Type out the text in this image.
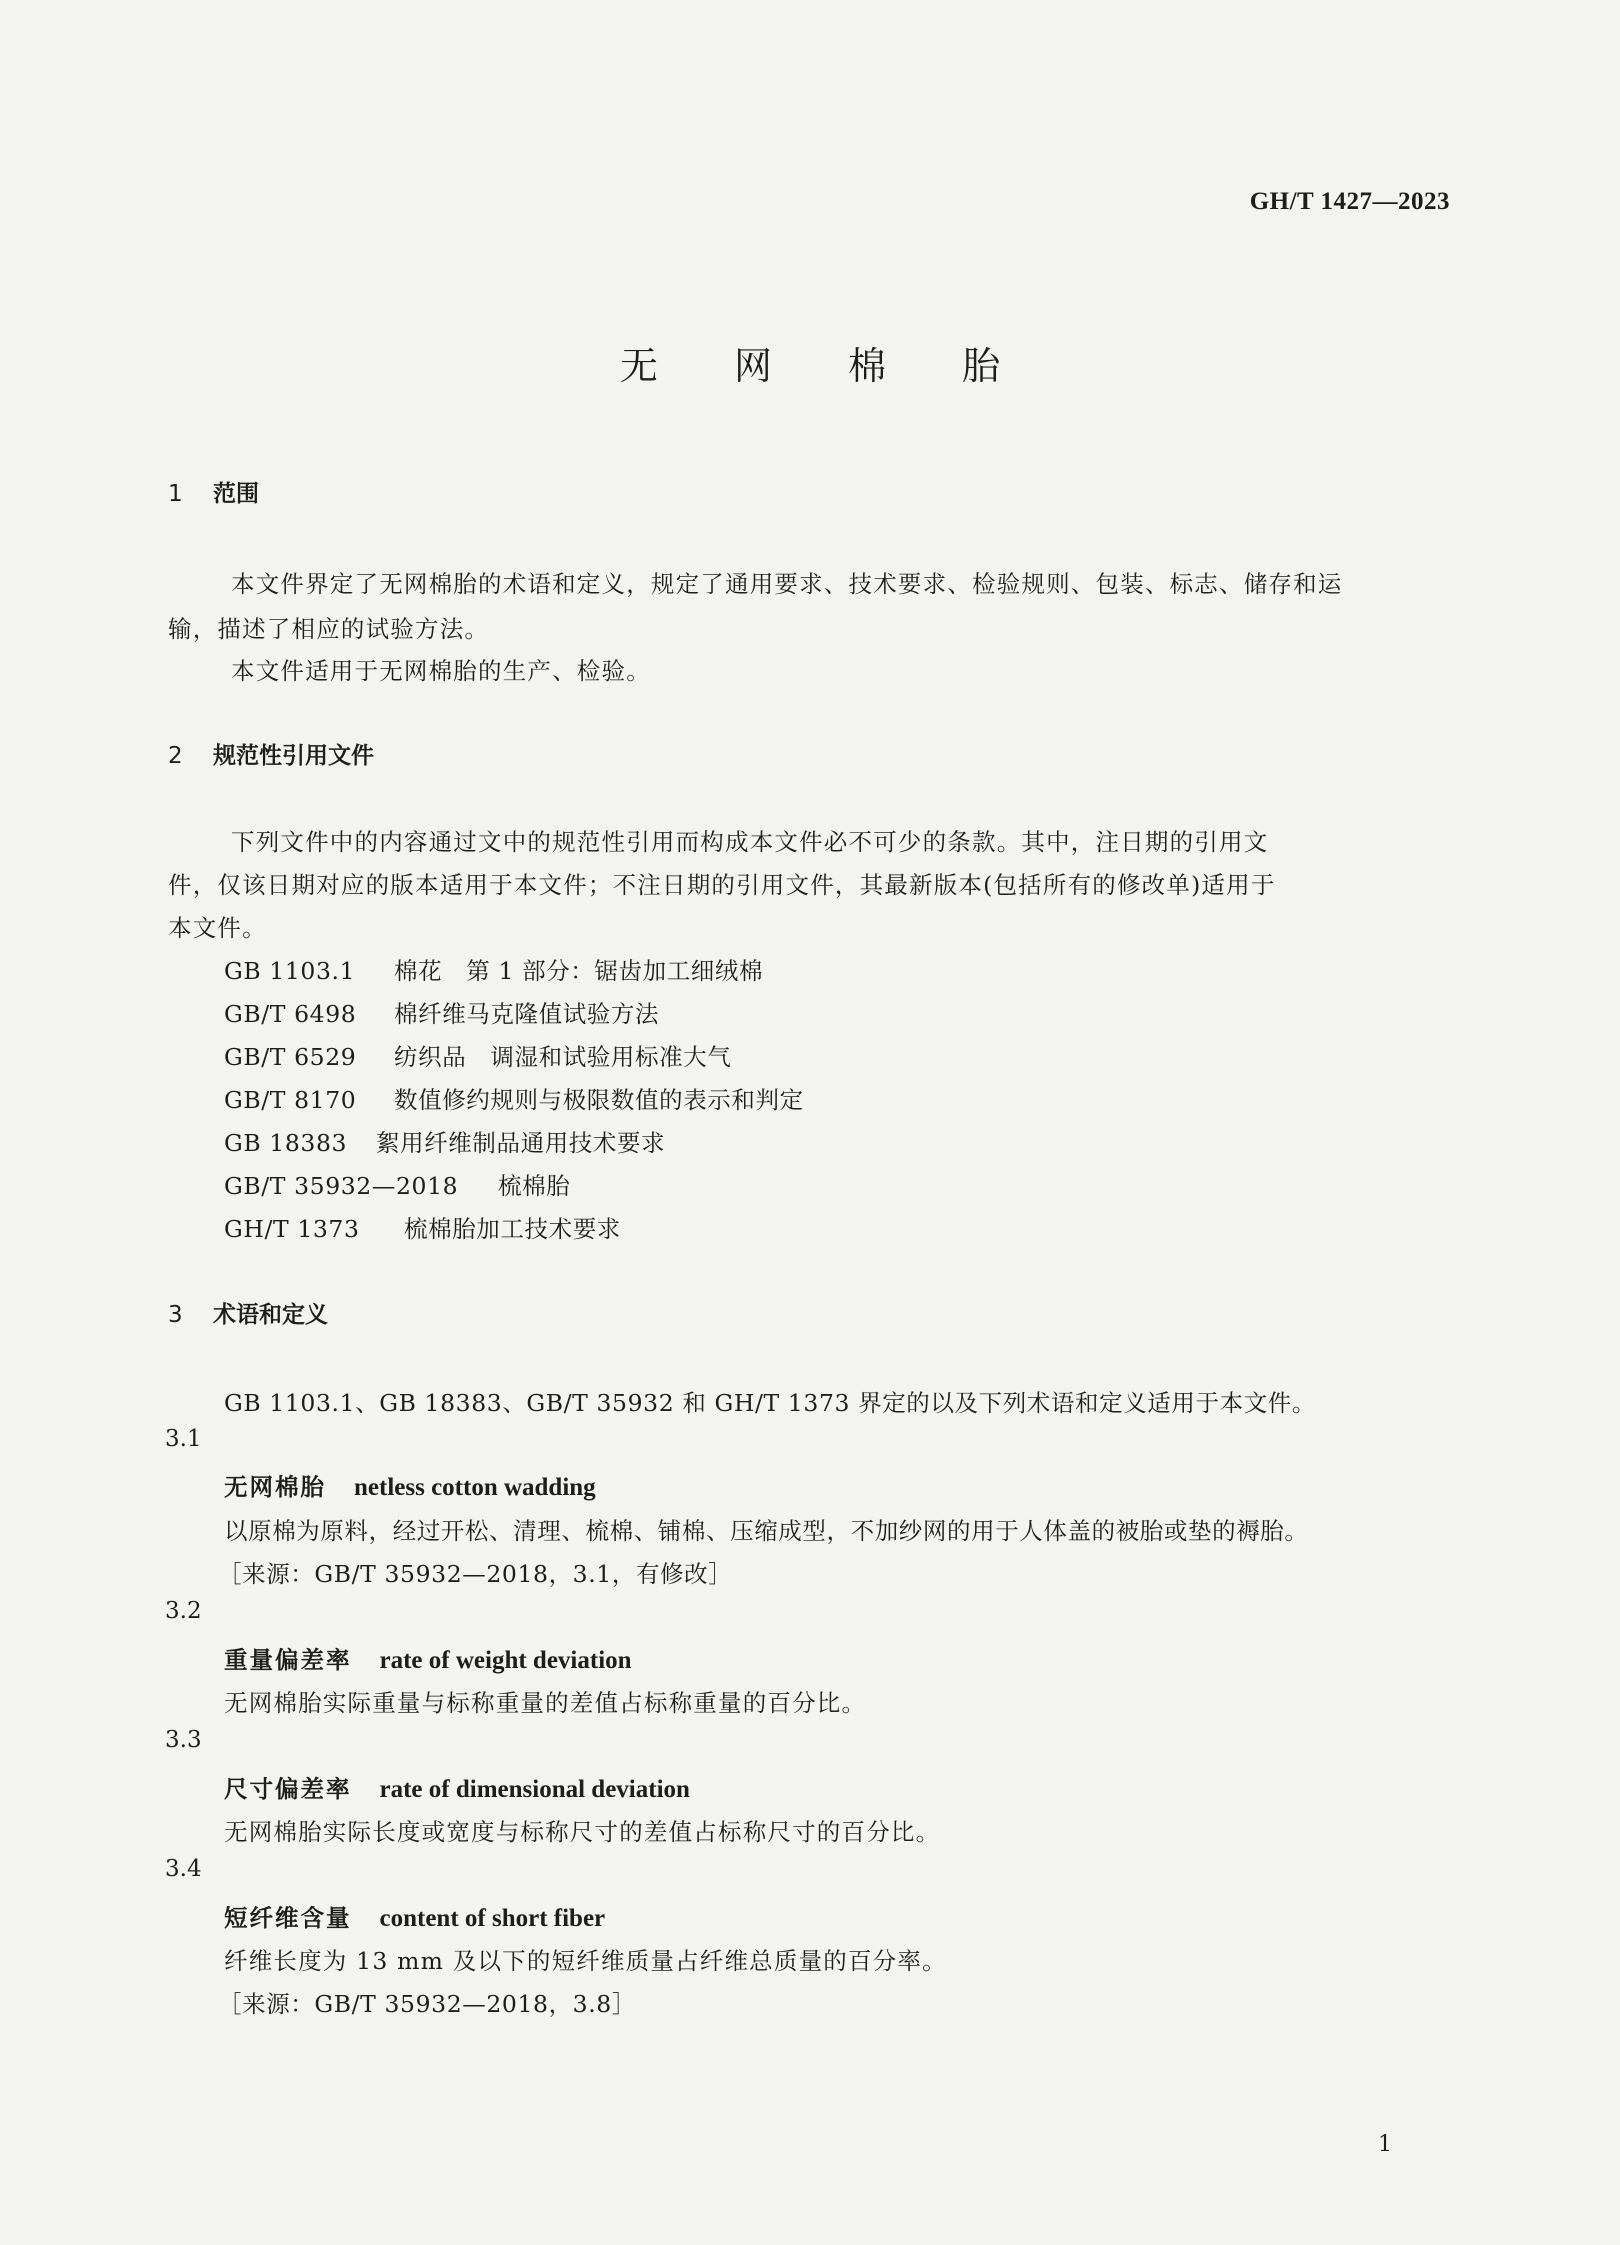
GH/T 1427—2023
无 网 棉 胎
1 范围
本文件界定了无网棉胎的术语和定义，规定了通用要求、技术要求、检验规则、包装、标志、储存和运
输，描述了相应的试验方法。
本文件适用于无网棉胎的生产、检验。
2 规范性引用文件
下列文件中的内容通过文中的规范性引用而构成本文件必不可少的条款。其中，注日期的引用文
件，仅该日期对应的版本适用于本文件；不注日期的引用文件，其最新版本(包括所有的修改单)适用于
本文件。
GB 1103.1 棉花　第 1 部分：锯齿加工细绒棉
GB/T 6498 棉纤维马克隆值试验方法
GB/T 6529 纺织品　调湿和试验用标准大气
GB/T 8170 数值修约规则与极限数值的表示和判定
GB 18383 絮用纤维制品通用技术要求
GB/T 35932—2018 梳棉胎
GH/T 1373 梳棉胎加工技术要求
3 术语和定义
GB 1103.1、GB 18383、GB/T 35932 和 GH/T 1373 界定的以及下列术语和定义适用于本文件。
3.1
无网棉胎 netless cotton wadding
以原棉为原料，经过开松、清理、梳棉、铺棉、压缩成型，不加纱网的用于人体盖的被胎或垫的褥胎。
［来源：GB/T 35932—2018，3.1，有修改］
3.2
重量偏差率 rate of weight deviation
无网棉胎实际重量与标称重量的差值占标称重量的百分比。
3.3
尺寸偏差率 rate of dimensional deviation
无网棉胎实际长度或宽度与标称尺寸的差值占标称尺寸的百分比。
3.4
短纤维含量 content of short fiber
纤维长度为 13 mm 及以下的短纤维质量占纤维总质量的百分率。
［来源：GB/T 35932—2018，3.8］
1
